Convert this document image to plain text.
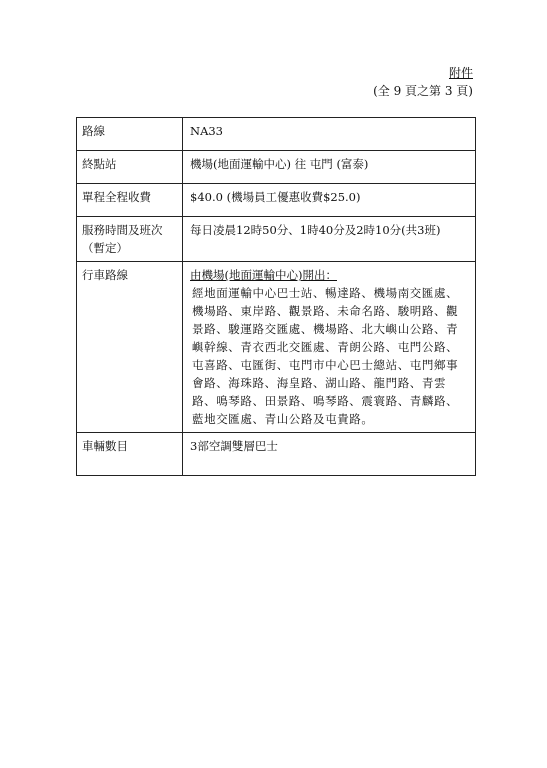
附件
(全 9 頁之第 3 頁)
路線	NA33
終點站	機場(地面運輸中心) 往 屯門 (富泰)
單程全程收費	$40.0 (機場員工優惠收費$25.0)
服務時間及班次（暫定）	每日凌晨12時50分、1時40分及2時10分(共3班)
行車路線	由機場(地面運輸中心)開出：
經地面運輸中心巴士站、暢達路、機場南交匯處、機場路、東岸路、觀景路、未命名路、駿明路、觀景路、駿運路交匯處、機場路、北大嶼山公路、青嶼幹線、青衣西北交匯處、青朗公路、屯門公路、屯喜路、屯匯街、屯門市中心巴士總站、屯門鄉事會路、海珠路、海皇路、湖山路、龍門路、青雲路、鳴琴路、田景路、鳴琴路、震寰路、青麟路、藍地交匯處、青山公路及屯貴路。

車輛數目	3部空調雙層巴士
